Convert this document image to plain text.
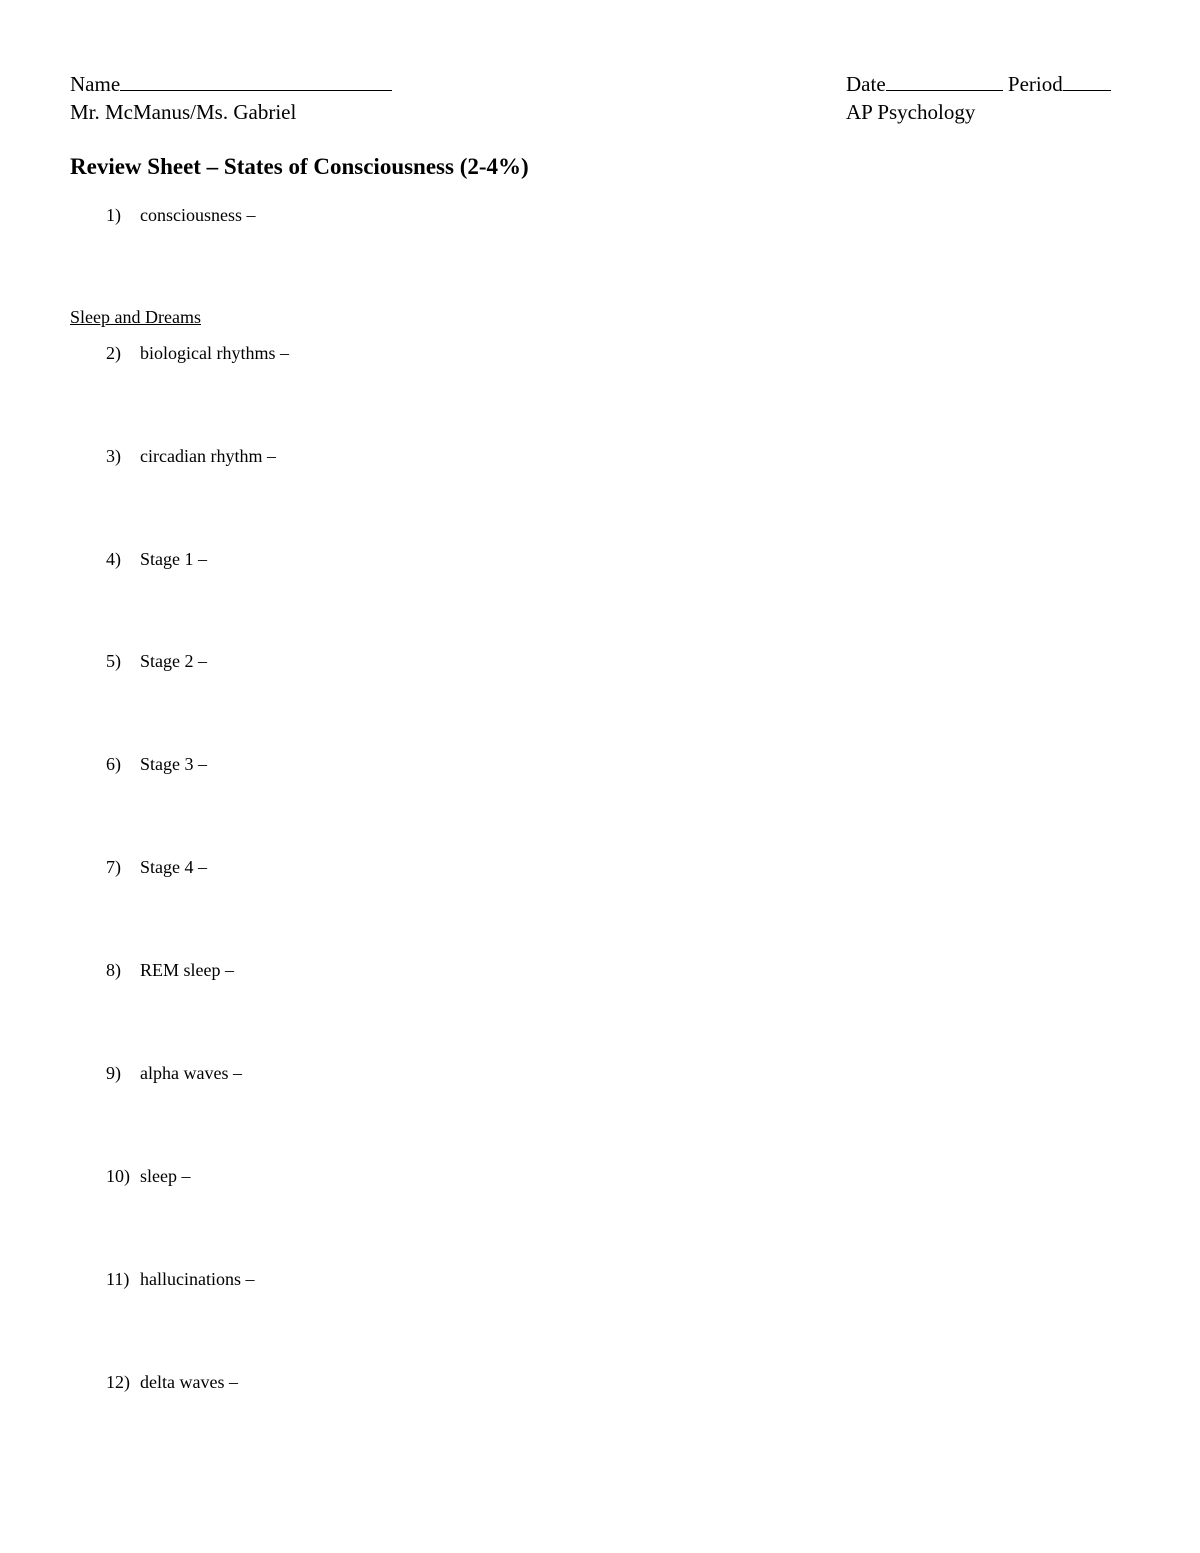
Name
Mr. McManus/Ms. Gabriel
Date	Period
AP Psychology
Review Sheet – States of Consciousness (2-4%)
1) consciousness –
Sleep and Dreams
2) biological rhythms –
3) circadian rhythm –
4) Stage 1 –
5) Stage 2 –
6) Stage 3 –
7) Stage 4 –
8) REM sleep –
9) alpha waves –
10) sleep –
11) hallucinations –
12) delta waves –
